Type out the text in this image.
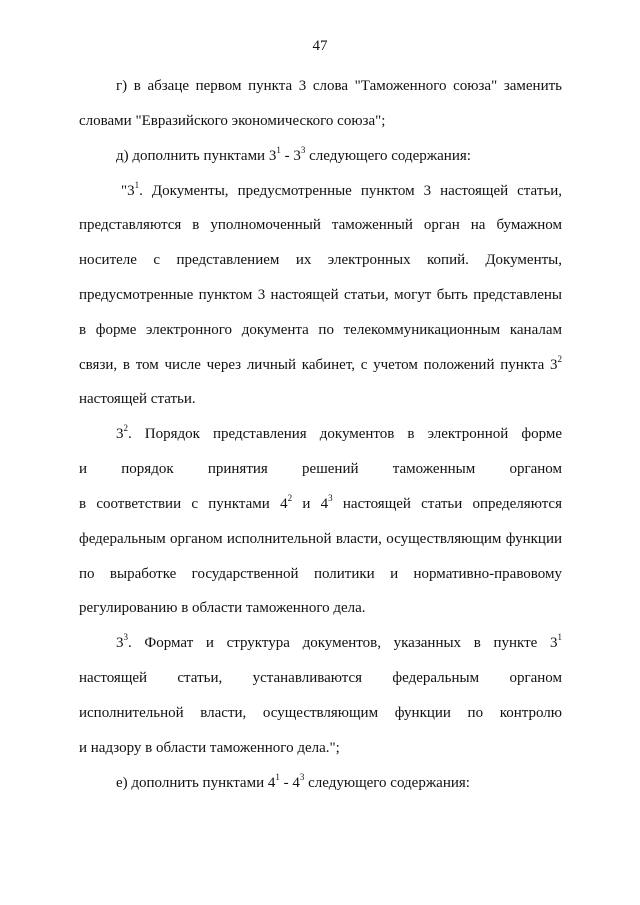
47
г) в абзаце первом пункта 3 слова "Таможенного союза" заменить
словами "Евразийского экономического союза";
д) дополнить пунктами $3^1 - 3^3$ следующего содержания:
"$3^1$. Документы, предусмотренные пунктом 3 настоящей статьи,
представляются в уполномоченный таможенный орган на бумажном
носителе с представлением их электронных копий. Документы,
предусмотренные пунктом 3 настоящей статьи, могут быть представлены
в форме электронного документа по телекоммуникационным каналам
связи, в том числе через личный кабинет, с учетом положений пункта $3^2$
настоящей статьи.
$3^2$. Порядок представления документов в электронной форме
и порядок принятия решений таможенным органом
в соответствии с пунктами $4^2$ и $4^3$ настоящей статьи определяются
федеральным органом исполнительной власти, осуществляющим функции
по выработке государственной политики и нормативно-правовому
регулированию в области таможенного дела.
$3^3$. Формат и структура документов, указанных в пункте $3^1$
настоящей статьи, устанавливаются федеральным органом
исполнительной власти, осуществляющим функции по контролю
и надзору в области таможенного дела.";
е) дополнить пунктами $4^1 - 4^3$ следующего содержания:
